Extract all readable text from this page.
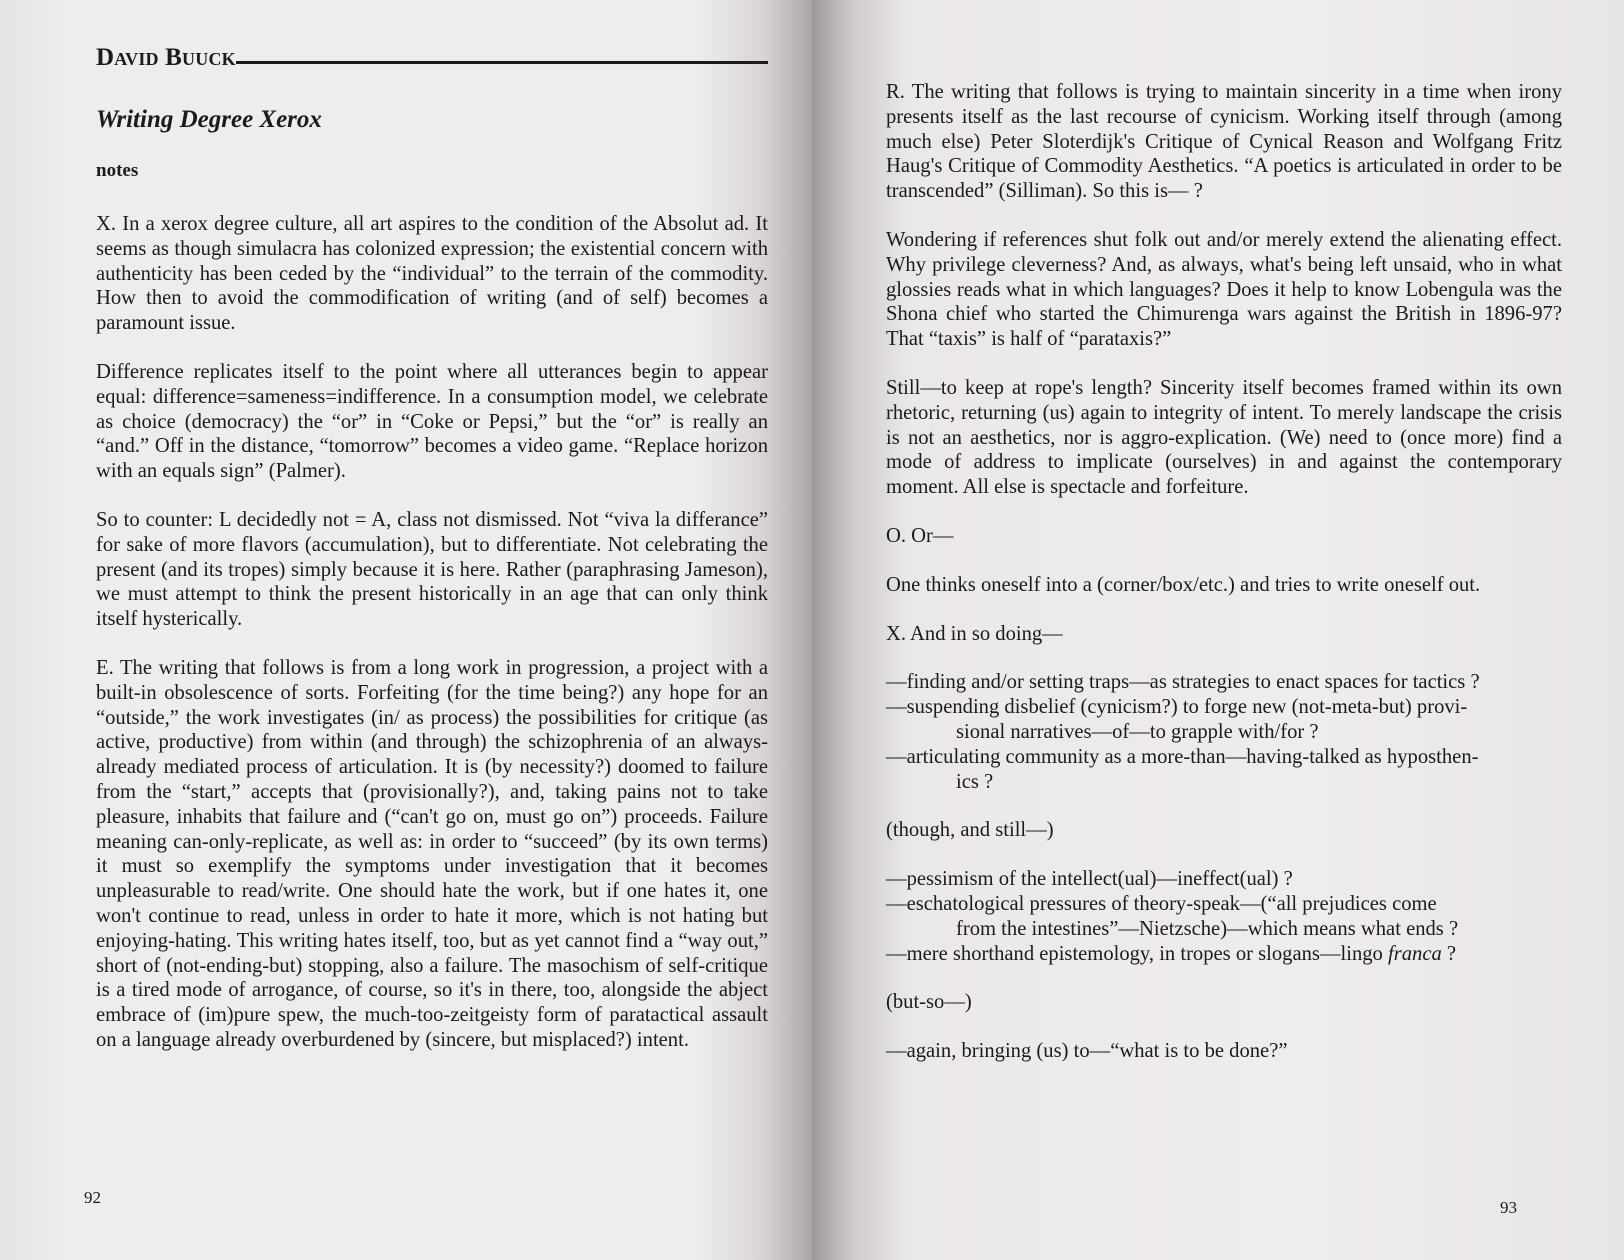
David Buuck
Writing Degree Xerox
notes

X. In a xerox degree culture, all art aspires to the condition of the Absolut ad. It seems as though simulacra has colonized expression; the existential concern with authenticity has been ceded by the “individual” to the terrain of the commodity. How then to avoid the commodification of writing (and of self) becomes a paramount issue.

Difference replicates itself to the point where all utterances begin to appear equal: difference=sameness=indifference. In a consumption model, we celebrate as choice (democracy) the “or” in “Coke or Pepsi,” but the “or” is really an “and.” Off in the distance, “tomorrow” becomes a video game. “Replace horizon with an equals sign” (Palmer).

So to counter: L decidedly not = A, class not dismissed. Not “viva la differance” for sake of more flavors (accumulation), but to differentiate. Not celebrating the present (and its tropes) simply because it is here. Rather (paraphrasing Jameson), we must attempt to think the present historically in an age that can only think itself hysterically.

E. The writing that follows is from a long work in progression, a project with a built-in obsolescence of sorts. Forfeiting (for the time being?) any hope for an “outside,” the work investigates (in/ as process) the possibilities for critique (as active, productive) from within (and through) the schizophrenia of an always-already mediated process of articulation. It is (by necessity?) doomed to failure from the “start,” accepts that (provisionally?), and, taking pains not to take pleasure, inhabits that failure and (“can't go on, must go on”) proceeds. Failure meaning can-only-replicate, as well as: in order to “succeed” (by its own terms) it must so exemplify the symptoms under investigation that it becomes unpleasurable to read/write. One should hate the work, but if one hates it, one won't continue to read, unless in order to hate it more, which is not hating but enjoying-hating. This writing hates itself, too, but as yet cannot find a “way out,” short of (not-ending-but) stopping, also a failure. The masochism of self-critique is a tired mode of arrogance, of course, so it's in there, too, alongside the abject embrace of (im)pure spew, the much-too-zeitgeisty form of paratactical assault on a language already overburdened by (sincere, but misplaced?) intent.

92

R. The writing that follows is trying to maintain sincerity in a time when irony presents itself as the last recourse of cynicism. Working itself through (among much else) Peter Sloterdijk's Critique of Cynical Reason and Wolfgang Fritz Haug's Critique of Commodity Aesthetics. “A poetics is articulated in order to be transcended” (Silliman). So this is— ?

Wondering if references shut folk out and/or merely extend the alienating effect. Why privilege cleverness? And, as always, what's being left unsaid, who in what glossies reads what in which languages? Does it help to know Lobengula was the Shona chief who started the Chimurenga wars against the British in 1896-97? That “taxis” is half of “parataxis?”

Still—to keep at rope's length? Sincerity itself becomes framed within its own rhetoric, returning (us) again to integrity of intent. To merely landscape the crisis is not an aesthetics, nor is aggro-explication. (We) need to (once more) find a mode of address to implicate (ourselves) in and against the contemporary moment. All else is spectacle and forfeiture.

O. Or—

One thinks oneself into a (corner/box/etc.) and tries to write oneself out.

X. And in so doing—

—finding and/or setting traps—as strategies to enact spaces for tactics ?

—suspending disbelief (cynicism?) to forge new (not-meta-but) provi-

sional narratives—of—to grapple with/for ?

—articulating community as a more-than—having-talked as hyposthen-

ics ?

(though, and still—)

—pessimism of the intellect(ual)—ineffect(ual) ?

—eschatological pressures of theory-speak—(“all prejudices come

from the intestines”—Nietzsche)—which means what ends ?

—mere shorthand epistemology, in tropes or slogans—lingo franca ?

(but-so—)

—again, bringing (us) to—“what is to be done?”

93
